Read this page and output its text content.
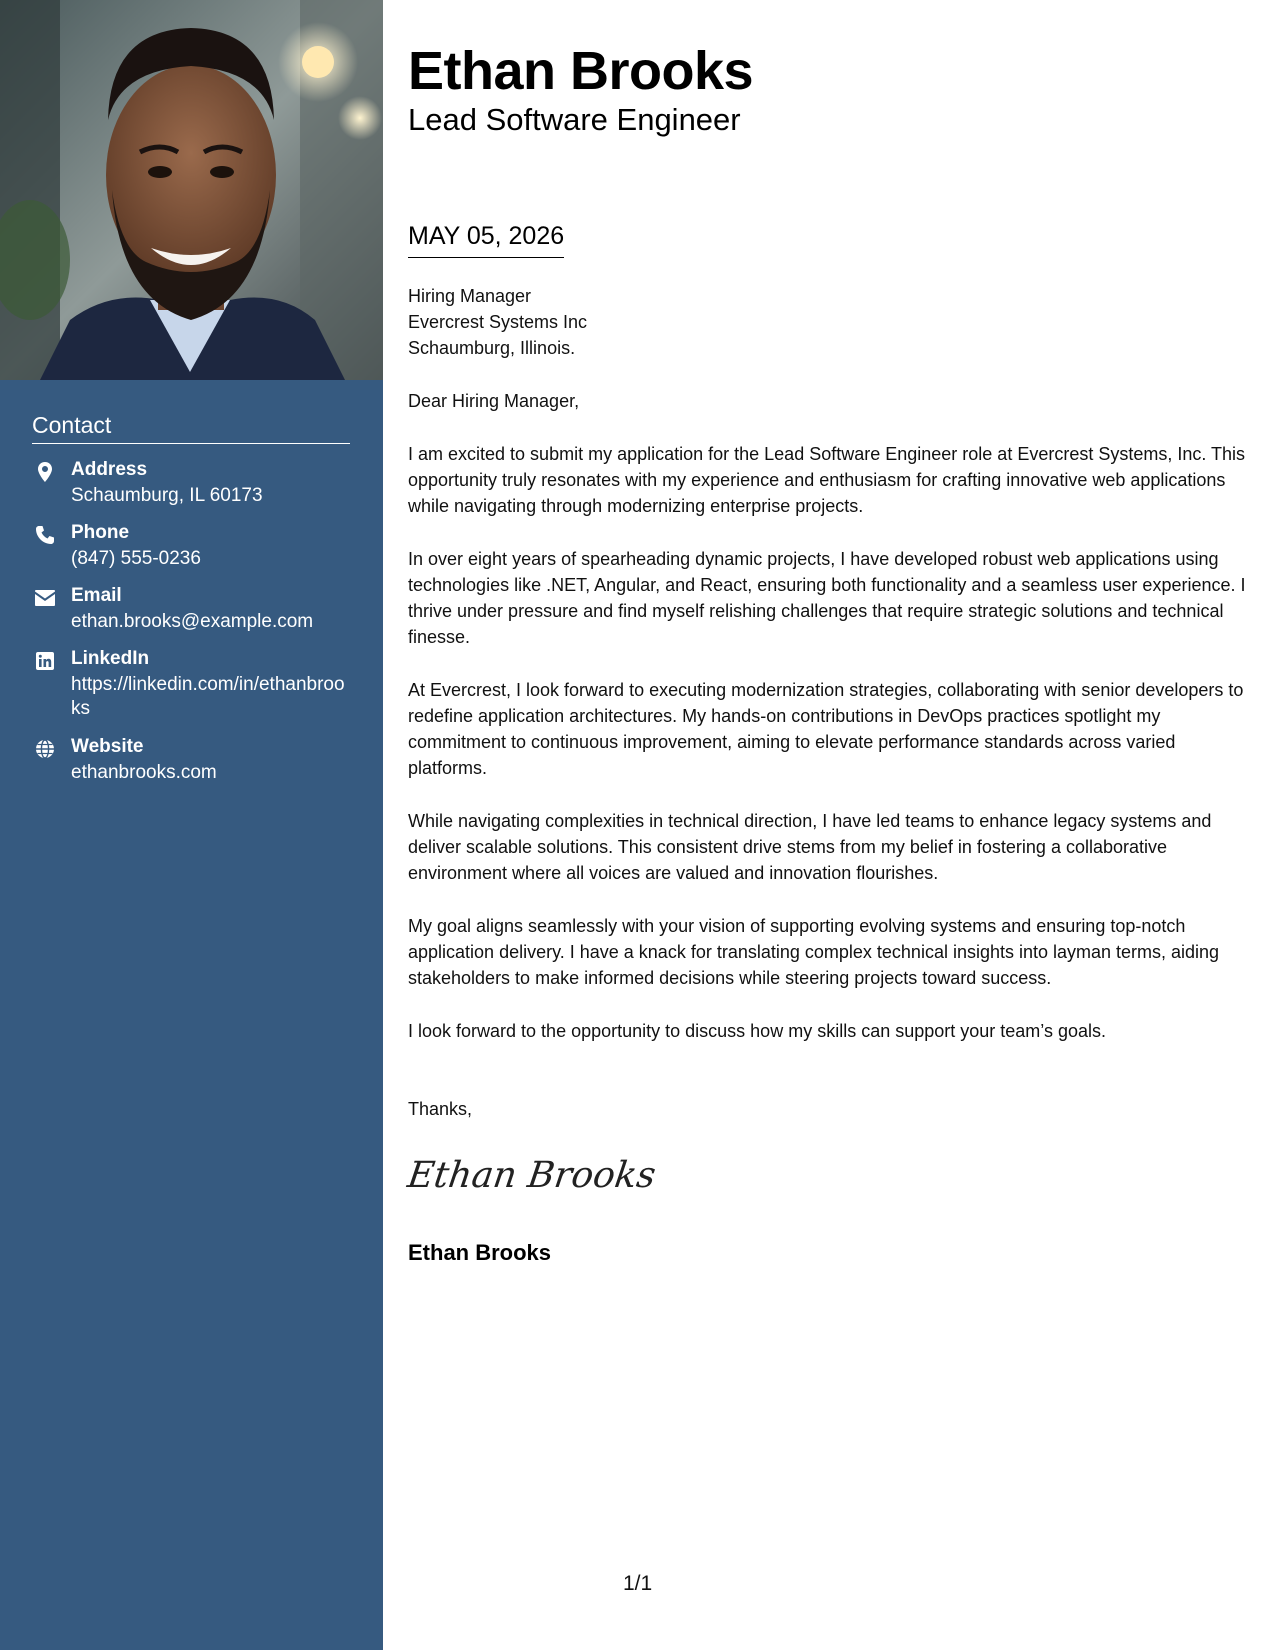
Contact
Address
Schaumburg, IL 60173
Phone
(847) 555-0236
Email
ethan.brooks@example.com
LinkedIn
https://linkedin.com/in/ethanbrooks
Website
ethanbrooks.com
Ethan Brooks
Lead Software Engineer
MAY 05, 2026
Hiring Manager
Evercrest Systems Inc
Schaumburg, Illinois.

Dear Hiring Manager,

I am excited to submit my application for the Lead Software Engineer role at Evercrest Systems, Inc. This opportunity truly resonates with my experience and enthusiasm for crafting innovative web applications while navigating through modernizing enterprise projects.

In over eight years of spearheading dynamic projects, I have developed robust web applications using technologies like .NET, Angular, and React, ensuring both functionality and a seamless user experience. I thrive under pressure and find myself relishing challenges that require strategic solutions and technical finesse.

At Evercrest, I look forward to executing modernization strategies, collaborating with senior developers to redefine application architectures. My hands-on contributions in DevOps practices spotlight my commitment to continuous improvement, aiming to elevate performance standards across varied platforms.

While navigating complexities in technical direction, I have led teams to enhance legacy systems and deliver scalable solutions. This consistent drive stems from my belief in fostering a collaborative environment where all voices are valued and innovation flourishes.

My goal aligns seamlessly with your vision of supporting evolving systems and ensuring top-notch application delivery. I have a knack for translating complex technical insights into layman terms, aiding stakeholders to make informed decisions while steering projects toward success.

I look forward to the opportunity to discuss how my skills can support your team’s goals.

Thanks,
Ethan Brooks
Ethan Brooks
1/1
